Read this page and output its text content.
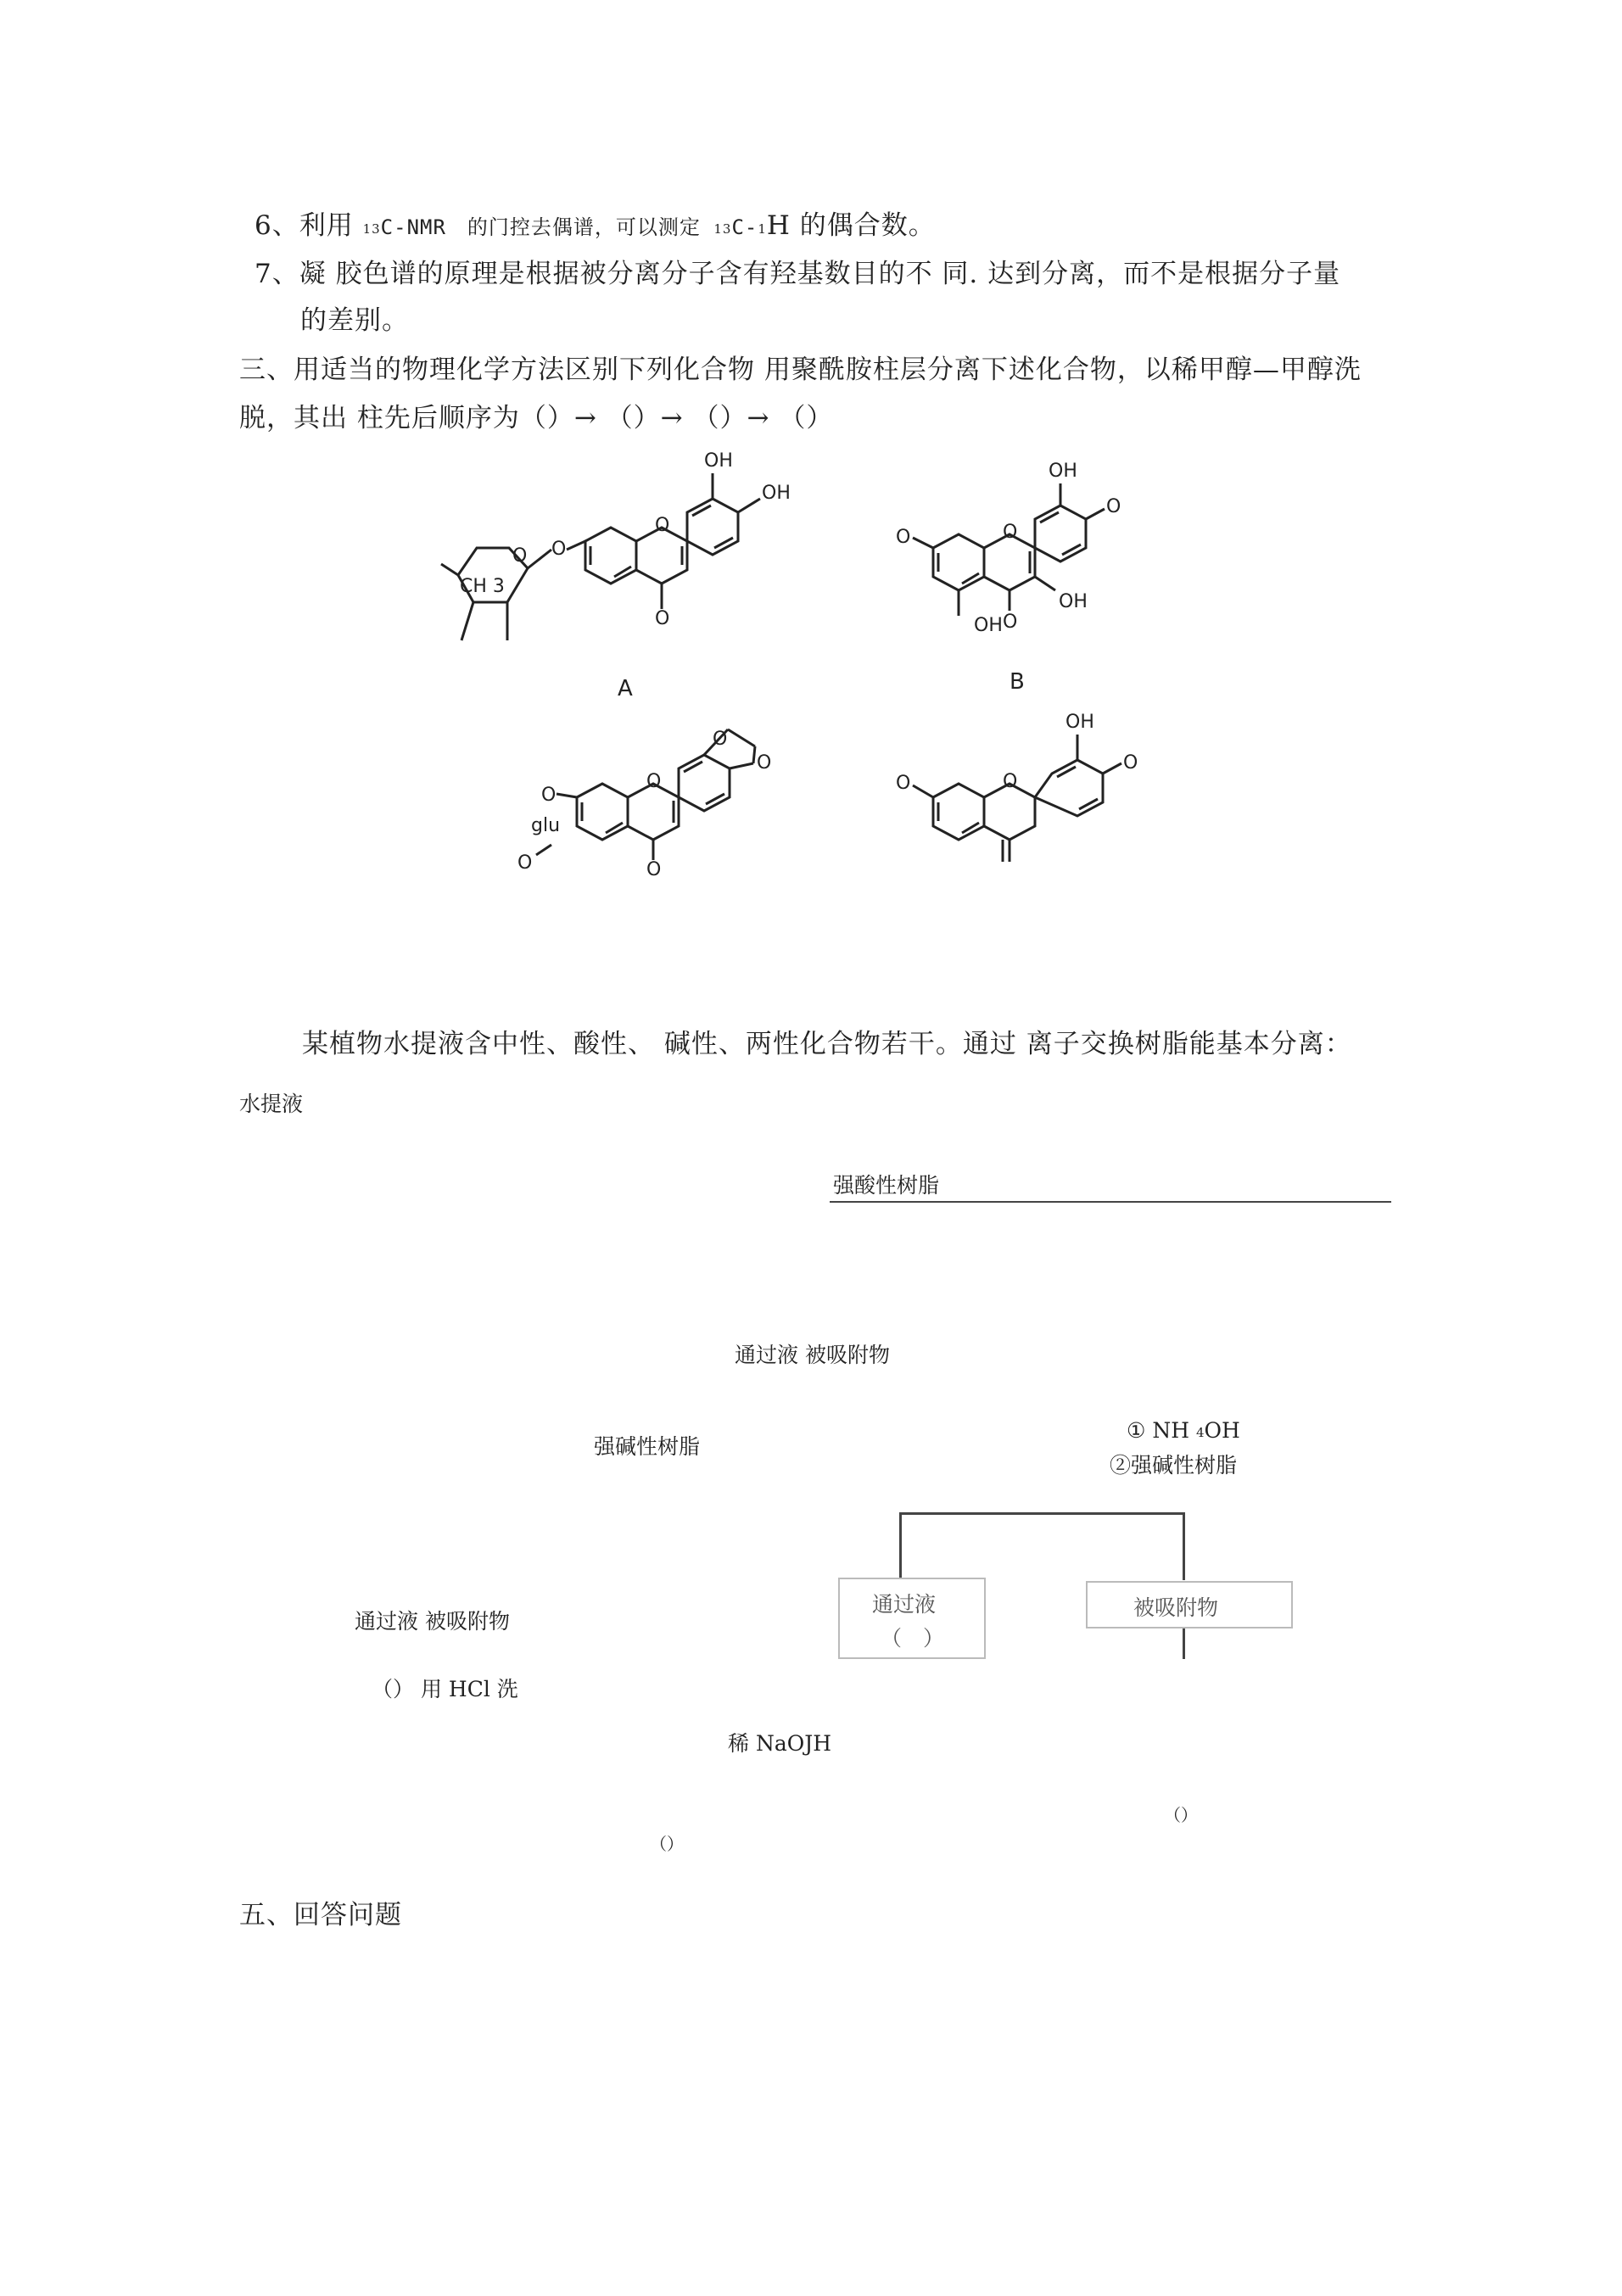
6、利用 13C-NMR　的门控去偶谱，可以测定 13C-1H 的偶合数。
7、凝 胶色谱的原理是根据被分离分子含有羟基数目的不 同. 达到分离，而不是根据分子量
的差别。
三、用适当的物理化学方法区别下列化合物 用聚酰胺柱层分离下述化合物，以稀甲醇—甲醇洗
脱，其出 柱先后顺序为（）→ （）→ （）→ （）
OH
OH
CH 3
O O
O
O
A
OH
O
OH
OH
O	O
O
B
O
O
O
glu
O
O
O
OH
O
O	O
某植物水提液含中性、酸性、 碱性、两性化合物若干。通过 离子交换树脂能基本分离：
水提液
强酸性树脂
通过液 被吸附物
强碱性树脂
① NH 4OH
②强碱性树脂
通过液
（　）
被吸附物
通过液 被吸附物
（） 用 HCl 洗
稀 NaOJH
（）
（）
五、回答问题
